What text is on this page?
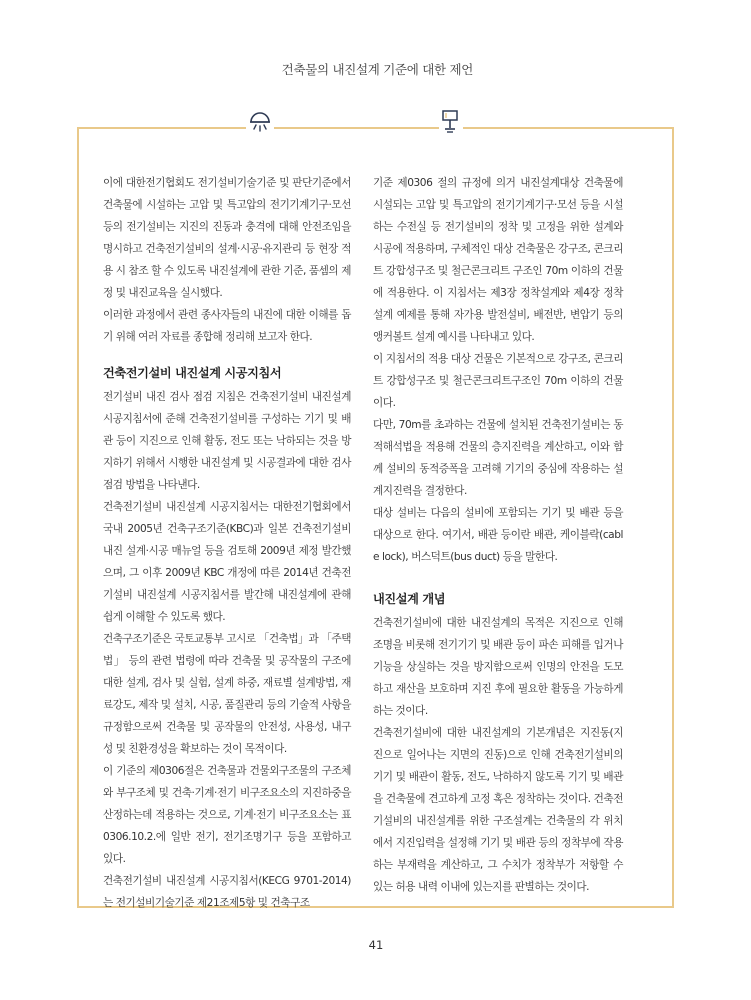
건축물의 내진설계 기준에 대한 제언

이에 대한전기협회도 전기설비기술기준 및 판단기준에서 건축물에 시설하는 고압 및 특고압의 전기기계기구·모선 등의 전기설비는 지진의 진동과 충격에 대해 안전조임을 명시하고 건축전기설비의 설계·시공·유지관리 등 현장 적용 시 참조 할 수 있도록 내진설계에 관한 기준, 품셈의 제정 및 내진교육을 실시했다.

이러한 과정에서 관련 종사자들의 내진에 대한 이해를 돕기 위해 여러 자료를 종합해 정리해 보고자 한다.

건축전기설비 내진설계 시공지침서

전기설비 내진 검사 점검 지침은 건축전기설비 내진설계 시공지침서에 준해 건축전기설비를 구성하는 기기 및 배관 등이 지진으로 인해 활동, 전도 또는 낙하되는 것을 방지하기 위해서 시행한 내진설계 및 시공결과에 대한 검사 점검 방법을 나타낸다.

건축전기설비 내진설계 시공지침서는 대한전기협회에서 국내 2005년 건축구조기준(KBC)과 일본 건축전기설비 내진 설계·시공 매뉴얼 등을 검토해 2009년 제정 발간했으며, 그 이후 2009년 KBC 개정에 따른 2014년 건축전기설비 내진설계 시공지침서를 발간해 내진설계에 관해 쉽게 이해할 수 있도록 했다.

건축구조기준은 국토교통부 고시로 「건축법」과 「주택법」 등의 관련 법령에 따라 건축물 및 공작물의 구조에 대한 설계, 검사 및 실험, 설계 하중, 재료별 설계방법, 재료강도, 제작 및 설치, 시공, 품질관리 등의 기술적 사항을 규정함으로써 건축물 및 공작물의 안전성, 사용성, 내구성 및 친환경성을 확보하는 것이 목적이다.

이 기준의 제0306절은 건축물과 건물외구조물의 구조체와 부구조체 및 건축·기계·전기 비구조요소의 지진하중을 산정하는데 적용하는 것으로, 기계·전기 비구조요소는 표 0306.10.2.에 일반 전기, 전기조명기구 등을 포함하고 있다.

건축전기설비 내진설계 시공지침서(KECG 9701-2014)는 전기설비기술기준 제21조제5항 및 건축구조

기준 제0306 절의 규정에 의거 내진설계대상 건축물에 시설되는 고압 및 특고압의 전기기계기구·모선 등을 시설하는 수전실 등 전기설비의 정착 및 고정을 위한 설계와 시공에 적용하며, 구체적인 대상 건축물은 강구조, 콘크리트 강합성구조 및 철근콘크리트 구조인 70m 이하의 건물에 적용한다. 이 지침서는 제3장 정착설계와 제4장 정착설계 예제를 통해 자가용 발전설비, 배전반, 변압기 등의 앵커볼트 설계 예시를 나타내고 있다.

이 지침서의 적용 대상 건물은 기본적으로 강구조, 콘크리트 강합성구조 및 철근콘크리트구조인 70m 이하의 건물이다.

다만, 70m를 초과하는 건물에 설치된 건축전기설비는 동적해석법을 적용해 건물의 층지진력을 계산하고, 이와 함께 설비의 동적증폭을 고려해 기기의 중심에 작용하는 설계지진력을 결정한다.

대상 설비는 다음의 설비에 포함되는 기기 및 배관 등을 대상으로 한다. 여기서, 배관 등이란 배관, 케이블락(cable lock), 버스덕트(bus duct) 등을 말한다.

내진설계 개념

건축전기설비에 대한 내진설계의 목적은 지진으로 인해 조명을 비롯해 전기기기 및 배관 등이 파손 피해를 입거나 기능을 상실하는 것을 방지함으로써 인명의 안전을 도모하고 재산을 보호하며 지진 후에 필요한 활동을 가능하게 하는 것이다.

건축전기설비에 대한 내진설계의 기본개념은 지진동(지진으로 일어나는 지면의 진동)으로 인해 건축전기설비의 기기 및 배관이 활동, 전도, 낙하하지 않도록 기기 및 배관을 건축물에 견고하게 고정 혹은 정착하는 것이다. 건축전기설비의 내진설계를 위한 구조설계는 건축물의 각 위치에서 지진입력을 설정해 기기 및 배관 등의 정착부에 작용하는 부재력을 계산하고, 그 수치가 정착부가 저항할 수 있는 허용 내력 이내에 있는지를 판별하는 것이다.

41
